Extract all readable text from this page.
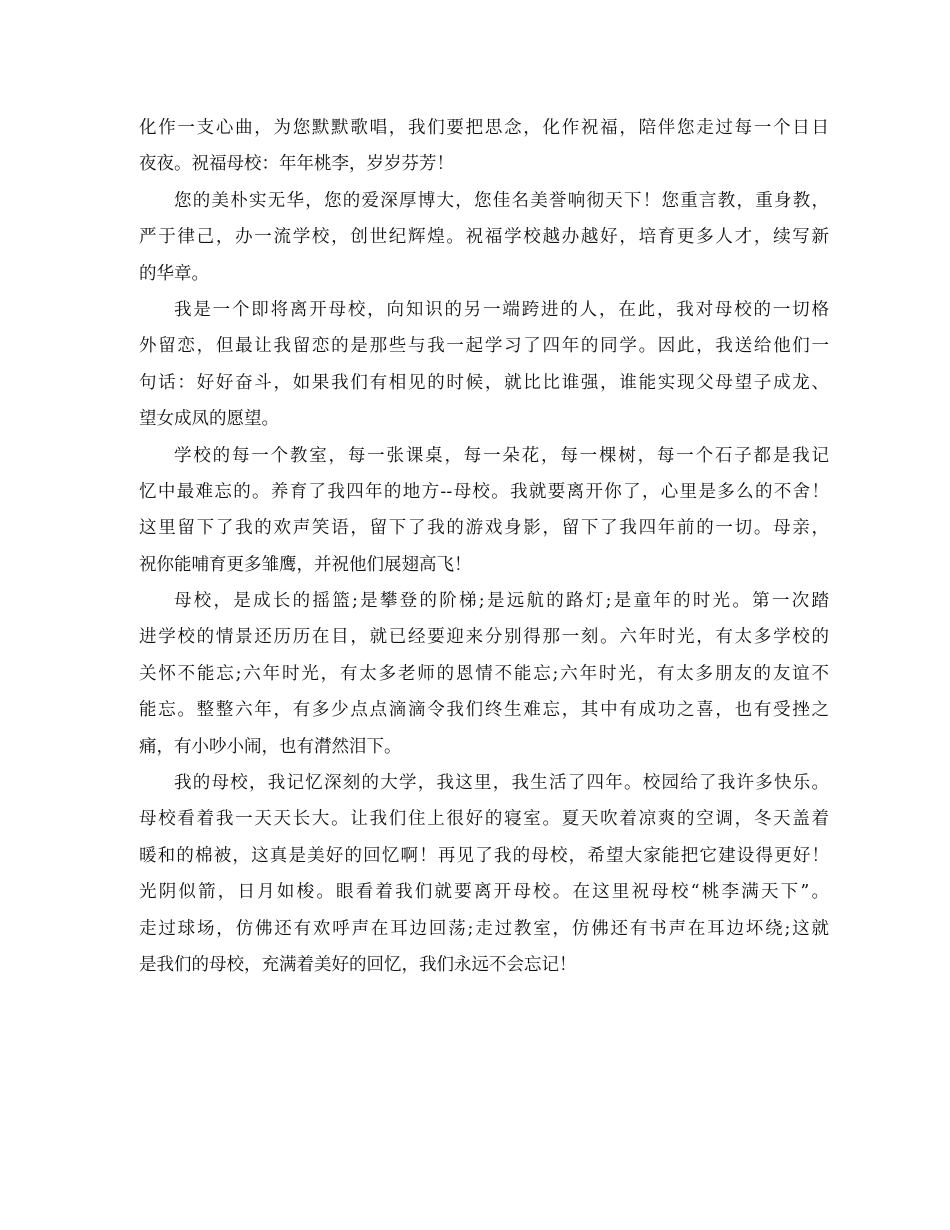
化作一支心曲，为您默默歌唱，我们要把思念，化作祝福，陪伴您走过每一个日日
夜夜。祝福母校：年年桃李，岁岁芬芳！
您的美朴实无华，您的爱深厚博大，您佳名美誉响彻天下！您重言教，重身教，
严于律己，办一流学校，创世纪辉煌。祝福学校越办越好，培育更多人才，续写新
的华章。
我是一个即将离开母校，向知识的另一端跨进的人，在此，我对母校的一切格
外留恋，但最让我留恋的是那些与我一起学习了四年的同学。因此，我送给他们一
句话：好好奋斗，如果我们有相见的时候，就比比谁强，谁能实现父母望子成龙、
望女成凤的愿望。
学校的每一个教室，每一张课桌，每一朵花，每一棵树，每一个石子都是我记
忆中最难忘的。养育了我四年的地方--母校。我就要离开你了，心里是多么的不舍！
这里留下了我的欢声笑语，留下了我的游戏身影，留下了我四年前的一切。母亲，
祝你能哺育更多雏鹰，并祝他们展翅高飞！
母校，是成长的摇篮;是攀登的阶梯;是远航的路灯;是童年的时光。第一次踏
进学校的情景还历历在目，就已经要迎来分别得那一刻。六年时光，有太多学校的
关怀不能忘;六年时光，有太多老师的恩情不能忘;六年时光，有太多朋友的友谊不
能忘。整整六年，有多少点点滴滴令我们终生难忘，其中有成功之喜，也有受挫之
痛，有小吵小闹，也有潸然泪下。
我的母校，我记忆深刻的大学，我这里，我生活了四年。校园给了我许多快乐。
母校看着我一天天长大。让我们住上很好的寝室。夏天吹着凉爽的空调，冬天盖着
暖和的棉被，这真是美好的回忆啊！再见了我的母校，希望大家能把它建设得更好！
光阴似箭，日月如梭。眼看着我们就要离开母校。在这里祝母校“桃李满天下”。
走过球场，仿佛还有欢呼声在耳边回荡;走过教室，仿佛还有书声在耳边坏绕;这就
是我们的母校，充满着美好的回忆，我们永远不会忘记！
